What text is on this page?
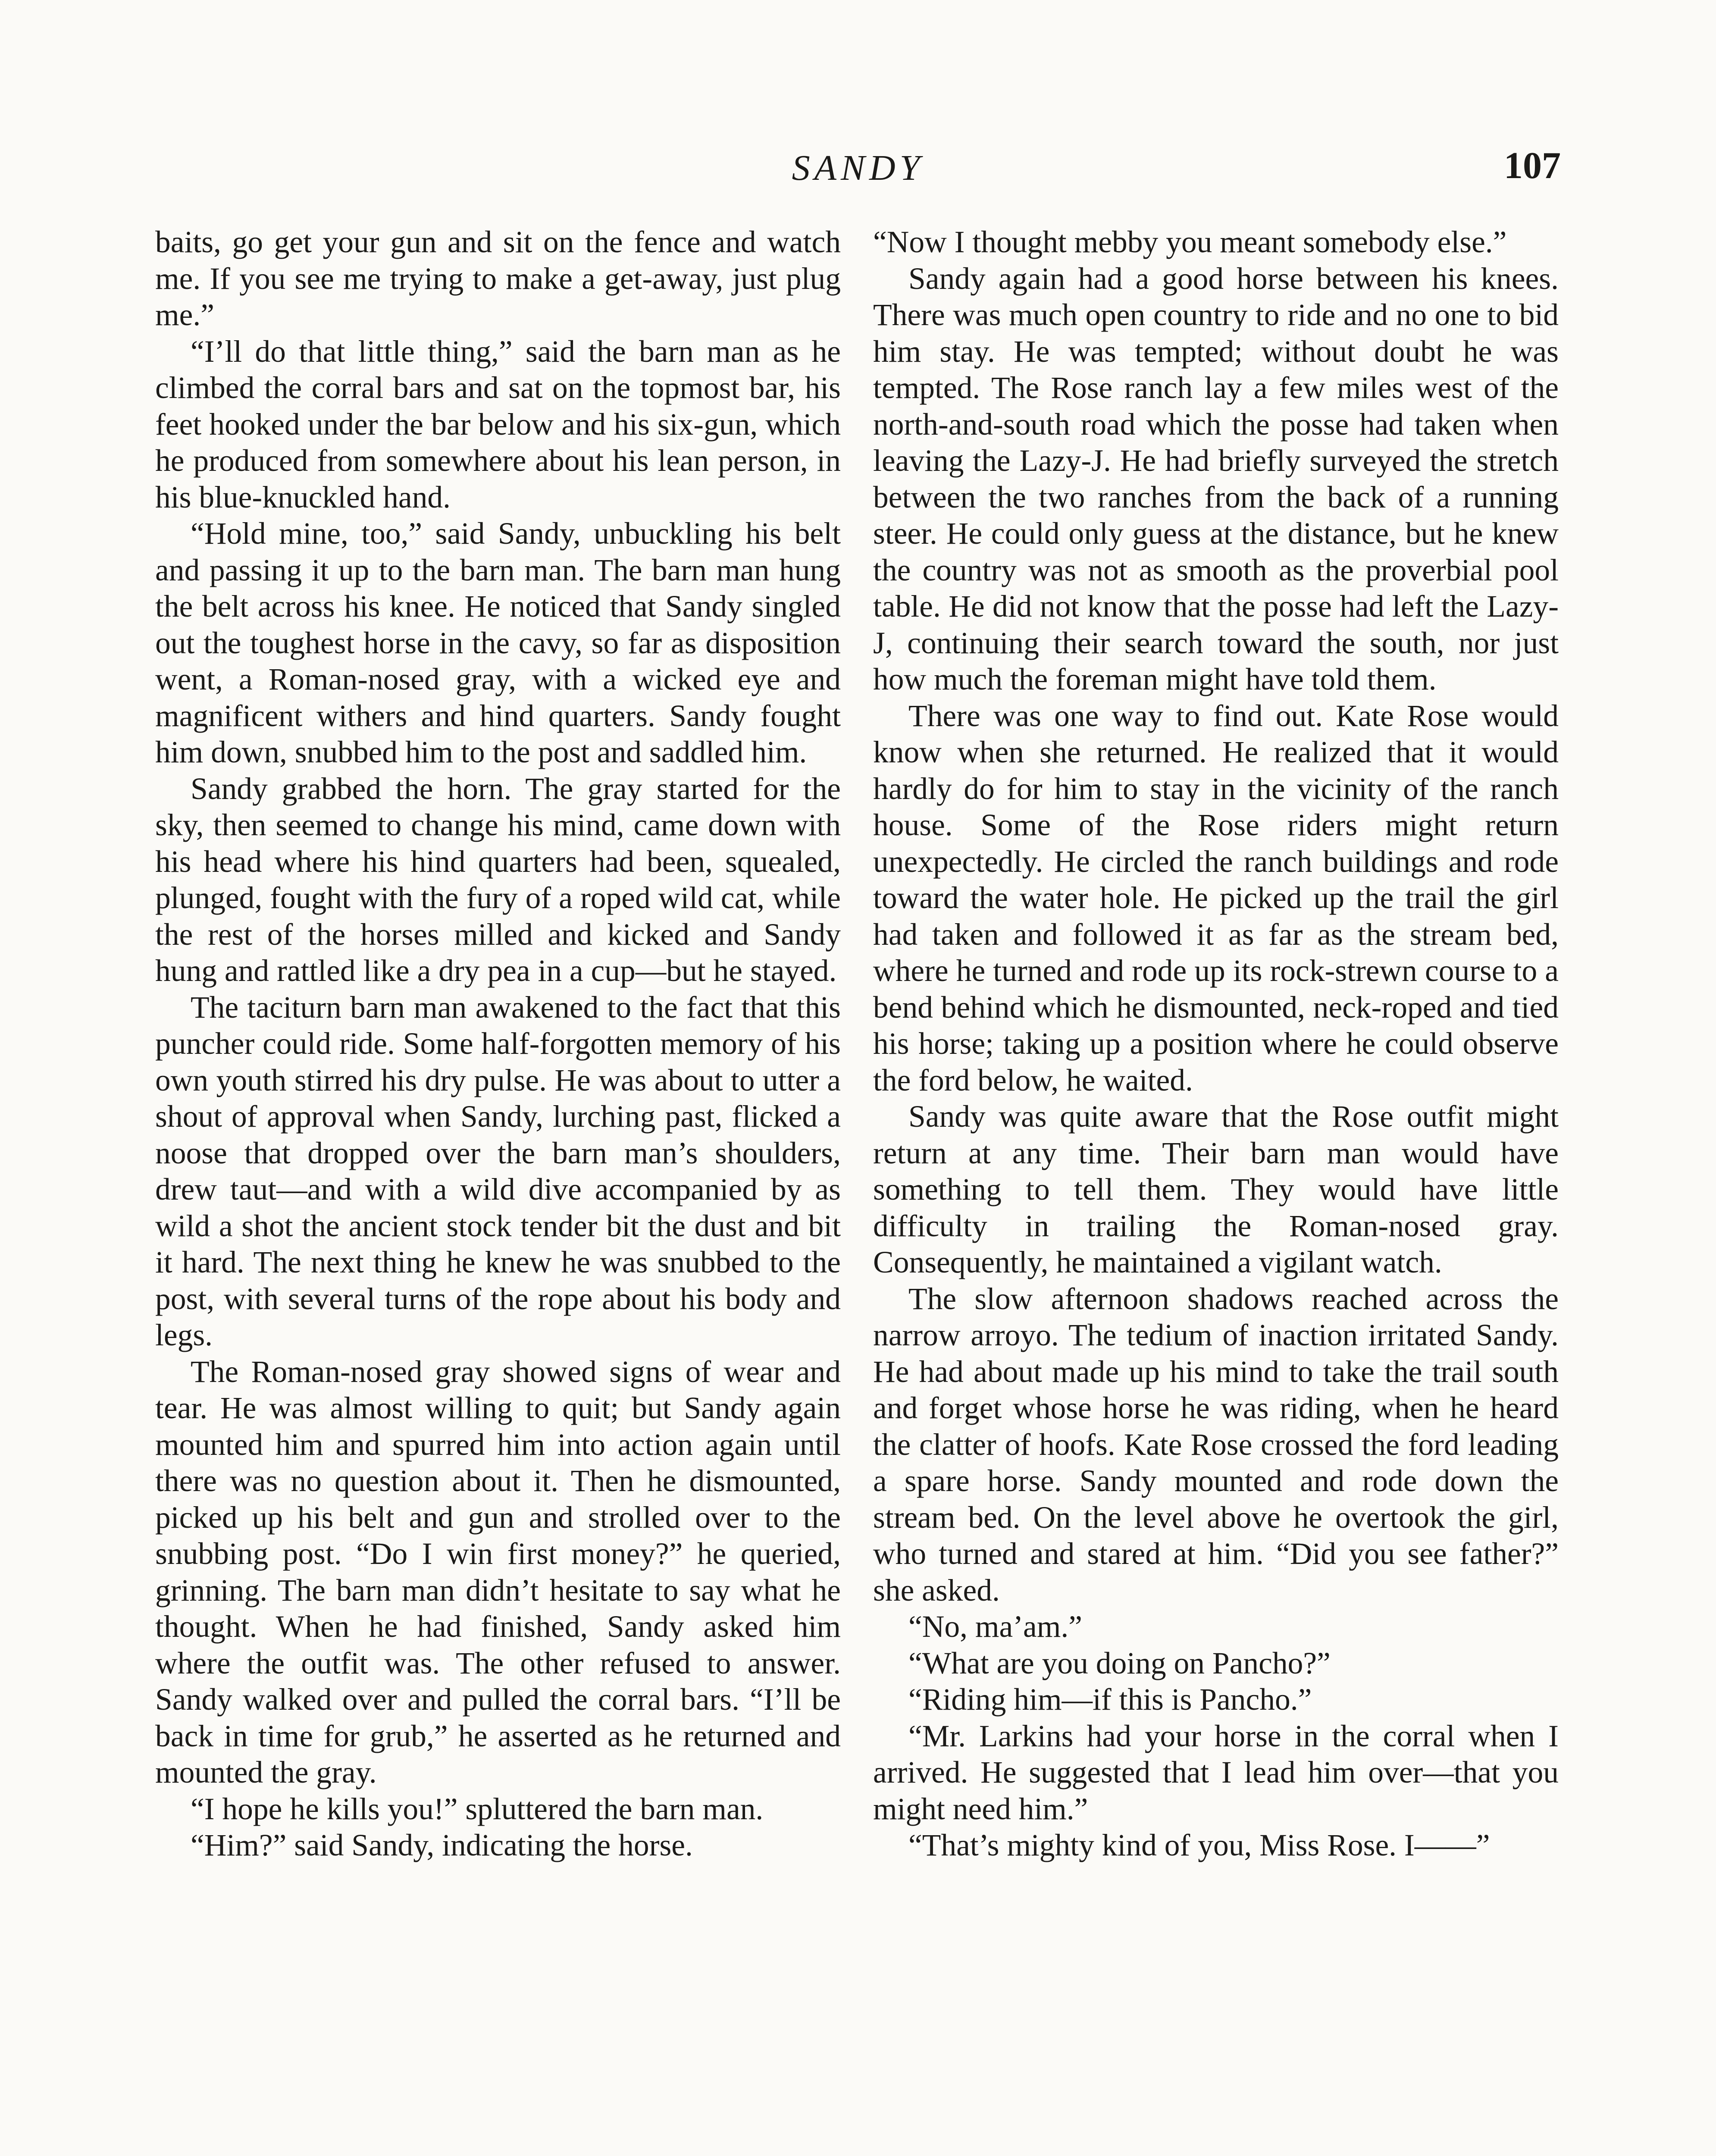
SANDY	107

baits, go get your gun and sit on the fence and watch me. If you see me trying to make a get-away, just plug me.”

“I’ll do that little thing,” said the barn man as he climbed the corral bars and sat on the topmost bar, his feet hooked under the bar below and his six-gun, which he produced from somewhere about his lean person, in his blue-knuckled hand.

“Hold mine, too,” said Sandy, unbuckling his belt and passing it up to the barn man. The barn man hung the belt across his knee. He noticed that Sandy singled out the toughest horse in the cavy, so far as disposition went, a Roman-nosed gray, with a wicked eye and magnificent withers and hind quarters. Sandy fought him down, snubbed him to the post and saddled him.

Sandy grabbed the horn. The gray started for the sky, then seemed to change his mind, came down with his head where his hind quarters had been, squealed, plunged, fought with the fury of a roped wild cat, while the rest of the horses milled and kicked and Sandy hung and rattled like a dry pea in a cup—but he stayed.

The taciturn barn man awakened to the fact that this puncher could ride. Some half-forgotten memory of his own youth stirred his dry pulse. He was about to utter a shout of approval when Sandy, lurching past, flicked a noose that dropped over the barn man’s shoulders, drew taut—and with a wild dive accompanied by as wild a shot the ancient stock tender bit the dust and bit it hard. The next thing he knew he was snubbed to the post, with several turns of the rope about his body and legs.

The Roman-nosed gray showed signs of wear and tear. He was almost willing to quit; but Sandy again mounted him and spurred him into action again until there was no question about it. Then he dismounted, picked up his belt and gun and strolled over to the snubbing post. “Do I win first money?” he queried, grinning. The barn man didn’t hesitate to say what he thought. When he had finished, Sandy asked him where the outfit was. The other refused to answer. Sandy walked over and pulled the corral bars. “I’ll be back in time for grub,” he asserted as he returned and mounted the gray.

“I hope he kills you!” spluttered the barn man.

“Him?” said Sandy, indicating the horse.

“Now I thought mebby you meant somebody else.”

Sandy again had a good horse between his knees. There was much open country to ride and no one to bid him stay. He was tempted; without doubt he was tempted. The Rose ranch lay a few miles west of the north-and-south road which the posse had taken when leaving the Lazy-J. He had briefly surveyed the stretch between the two ranches from the back of a running steer. He could only guess at the distance, but he knew the country was not as smooth as the proverbial pool table. He did not know that the posse had left the Lazy-J, continuing their search toward the south, nor just how much the foreman might have told them.

There was one way to find out. Kate Rose would know when she returned. He realized that it would hardly do for him to stay in the vicinity of the ranch house. Some of the Rose riders might return unexpectedly. He circled the ranch buildings and rode toward the water hole. He picked up the trail the girl had taken and followed it as far as the stream bed, where he turned and rode up its rock-strewn course to a bend behind which he dismounted, neck-roped and tied his horse; taking up a position where he could observe the ford below, he waited.

Sandy was quite aware that the Rose outfit might return at any time. Their barn man would have something to tell them. They would have little difficulty in trailing the Roman-nosed gray. Consequently, he maintained a vigilant watch.

The slow afternoon shadows reached across the narrow arroyo. The tedium of inaction irritated Sandy. He had about made up his mind to take the trail south and forget whose horse he was riding, when he heard the clatter of hoofs. Kate Rose crossed the ford leading a spare horse. Sandy mounted and rode down the stream bed. On the level above he overtook the girl, who turned and stared at him. “Did you see father?” she asked.

“No, ma’am.”

“What are you doing on Pancho?”

“Riding him—if this is Pancho.”

“Mr. Larkins had your horse in the corral when I arrived. He suggested that I lead him over—that you might need him.”

“That’s mighty kind of you, Miss Rose. I——”
